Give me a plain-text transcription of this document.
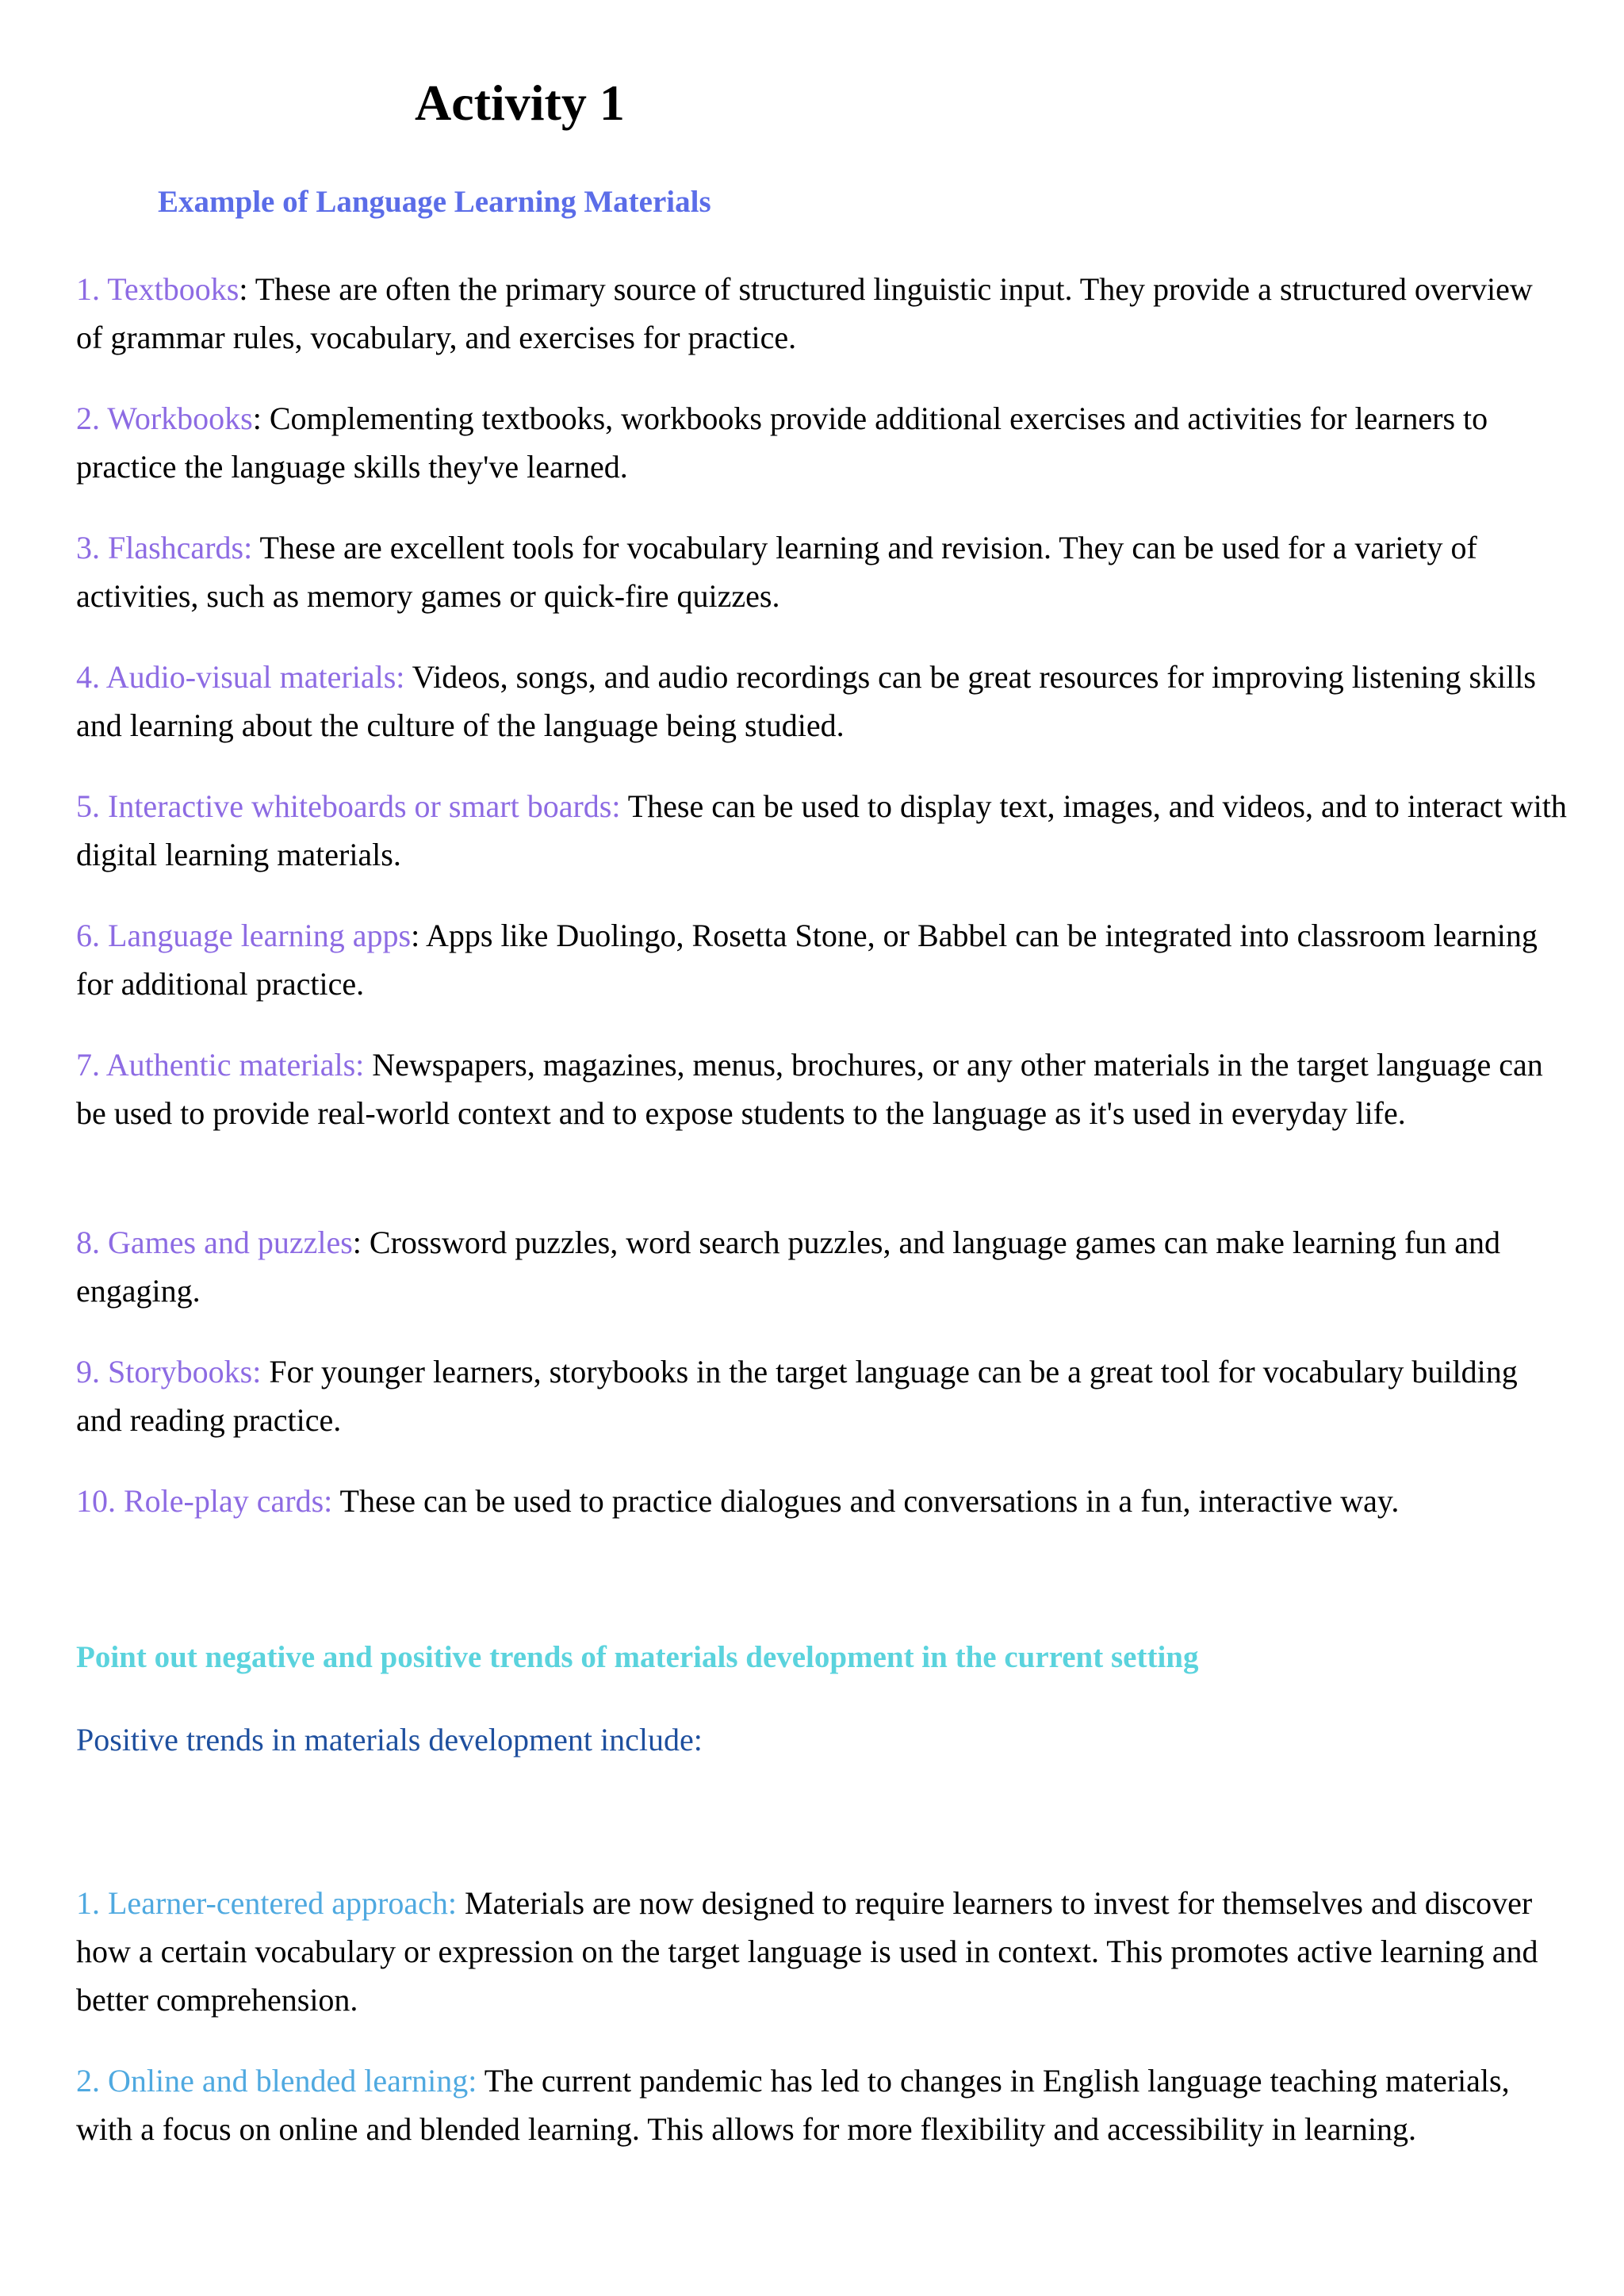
Activity 1
Example of Language Learning Materials

1. Textbooks: These are often the primary source of structured linguistic input. They provide a structured overview of grammar rules, vocabulary, and exercises for practice.

2. Workbooks: Complementing textbooks, workbooks provide additional exercises and activities for learners to practice the language skills they've learned.

3. Flashcards: These are excellent tools for vocabulary learning and revision. They can be used for a variety of activities, such as memory games or quick-fire quizzes.

4. Audio-visual materials: Videos, songs, and audio recordings can be great resources for improving listening skills and learning about the culture of the language being studied.

5. Interactive whiteboards or smart boards: These can be used to display text, images, and videos, and to interact with digital learning materials.

6. Language learning apps: Apps like Duolingo, Rosetta Stone, or Babbel can be integrated into classroom learning for additional practice.

7. Authentic materials: Newspapers, magazines, menus, brochures, or any other materials in the target language can be used to provide real-world context and to expose students to the language as it's used in everyday life.

8. Games and puzzles: Crossword puzzles, word search puzzles, and language games can make learning fun and engaging.

9. Storybooks: For younger learners, storybooks in the target language can be a great tool for vocabulary building and reading practice.

10. Role-play cards: These can be used to practice dialogues and conversations in a fun, interactive way.

Point out negative and positive trends of materials development in the current setting

Positive trends in materials development include:

1. Learner-centered approach: Materials are now designed to require learners to invest for themselves and discover how a certain vocabulary or expression on the target language is used in context. This promotes active learning and better comprehension.

2. Online and blended learning: The current pandemic has led to changes in English language teaching materials, with a focus on online and blended learning. This allows for more flexibility and accessibility in learning.
